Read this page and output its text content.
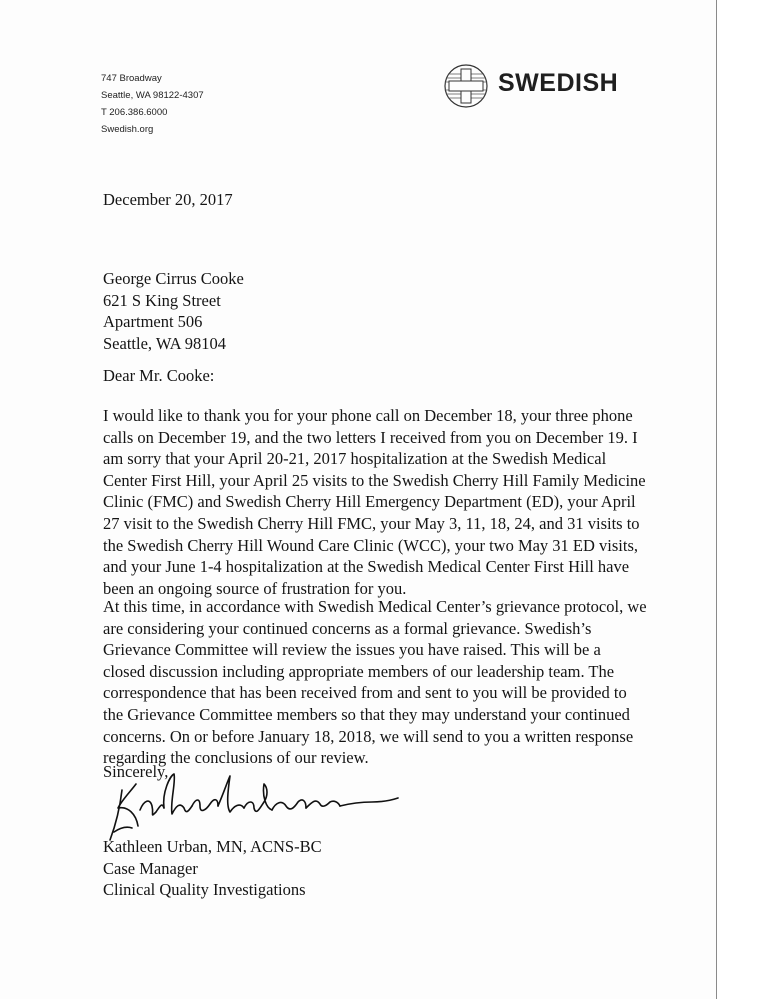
747 Broadway
Seattle, WA 98122-4307
T 206.386.6000
Swedish.org
SWEDISH
December 20, 2017
George Cirrus Cooke
621 S King Street
Apartment 506
Seattle, WA 98104
Dear Mr. Cooke:
I would like to thank you for your phone call on December 18, your three phone
calls on December 19, and the two letters I received from you on December 19. I
am sorry that your April 20-21, 2017 hospitalization at the Swedish Medical
Center First Hill, your April 25 visits to the Swedish Cherry Hill Family Medicine
Clinic (FMC) and Swedish Cherry Hill Emergency Department (ED), your April
27 visit to the Swedish Cherry Hill FMC, your May 3, 11, 18, 24, and 31 visits to
the Swedish Cherry Hill Wound Care Clinic (WCC), your two May 31 ED visits,
and your June 1-4 hospitalization at the Swedish Medical Center First Hill have
been an ongoing source of frustration for you.
At this time, in accordance with Swedish Medical Center’s grievance protocol, we
are considering your continued concerns as a formal grievance. Swedish’s
Grievance Committee will review the issues you have raised. This will be a
closed discussion including appropriate members of our leadership team. The
correspondence that has been received from and sent to you will be provided to
the Grievance Committee members so that they may understand your continued
concerns. On or before January 18, 2018, we will send to you a written response
regarding the conclusions of our review.
Sincerely,
Kathleen Urban, MN, ACNS-BC
Case Manager
Clinical Quality Investigations
